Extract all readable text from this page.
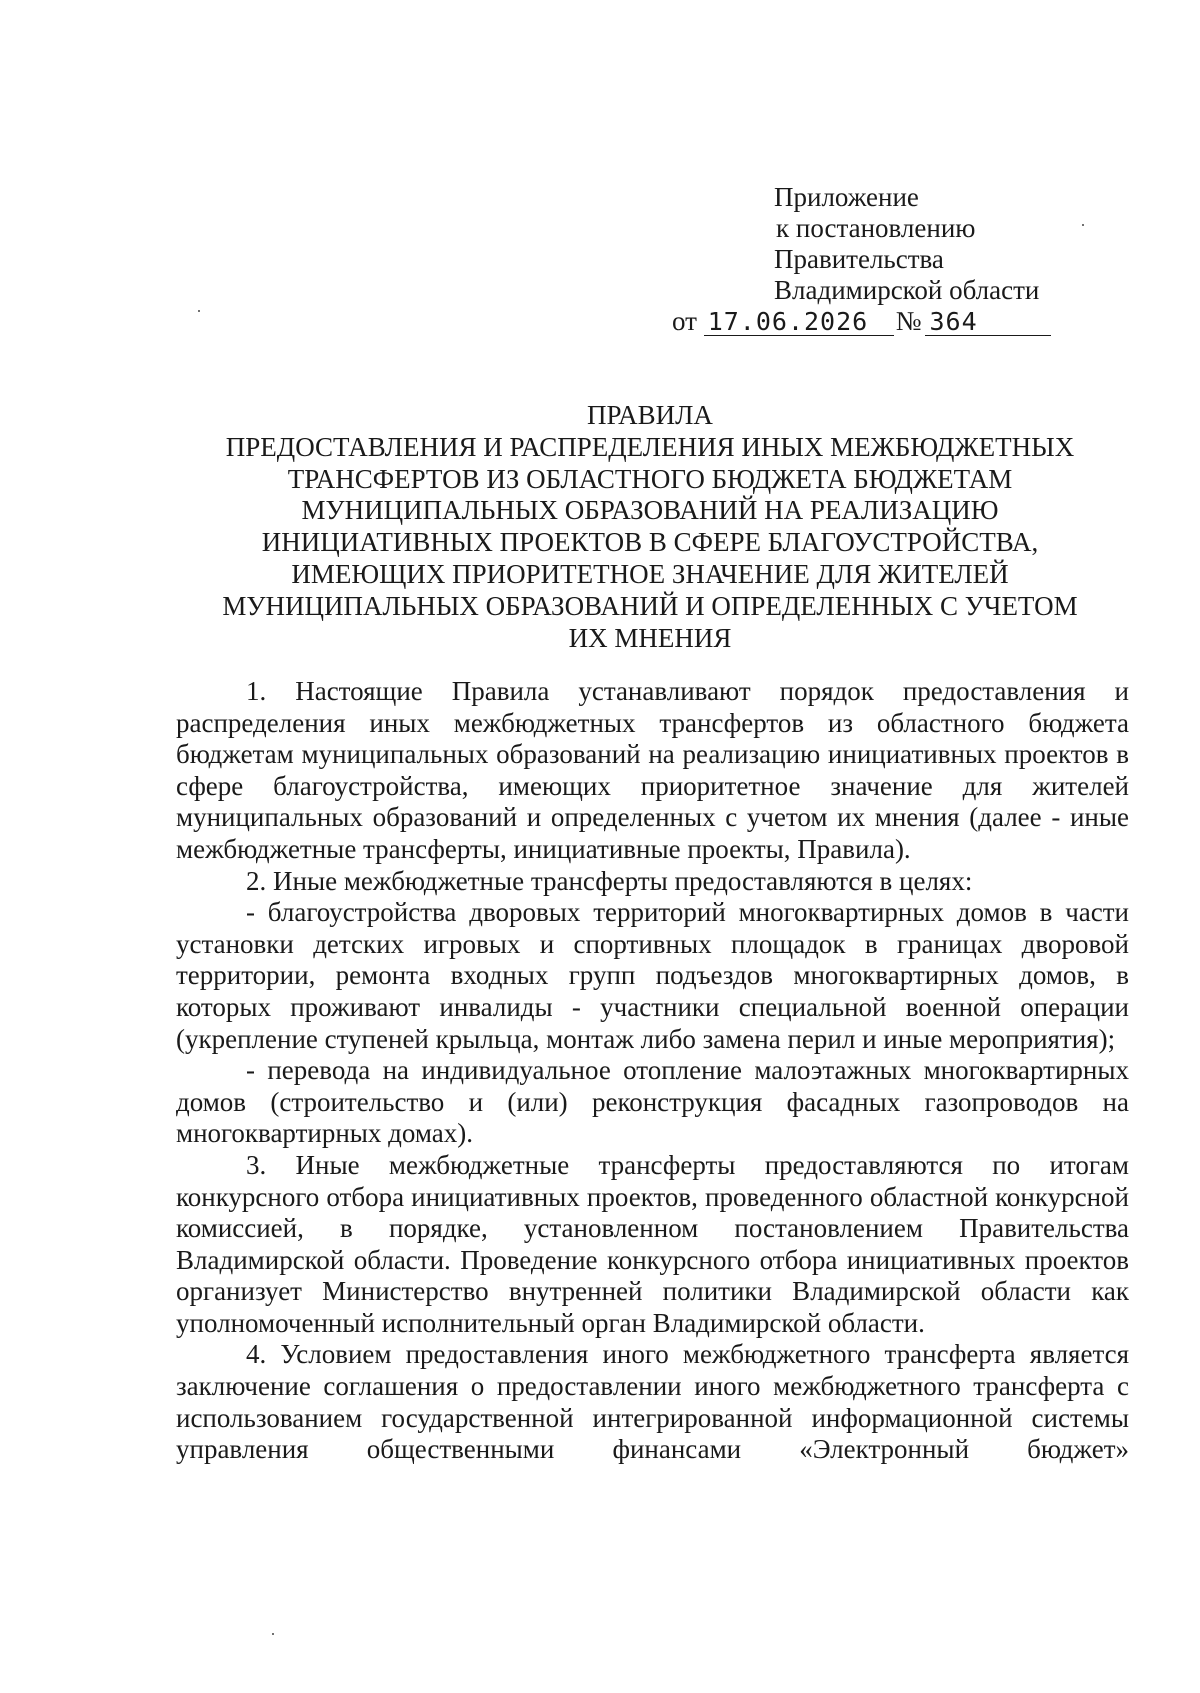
Приложение
к постановлению
Правительства
Владимирской области
от 17.06.2026 № 364
ПРАВИЛА
ПРЕДОСТАВЛЕНИЯ И РАСПРЕДЕЛЕНИЯ ИНЫХ МЕЖБЮДЖЕТНЫХ
ТРАНСФЕРТОВ ИЗ ОБЛАСТНОГО БЮДЖЕТА БЮДЖЕТАМ
МУНИЦИПАЛЬНЫХ ОБРАЗОВАНИЙ НА РЕАЛИЗАЦИЮ
ИНИЦИАТИВНЫХ ПРОЕКТОВ В СФЕРЕ БЛАГОУСТРОЙСТВА,
ИМЕЮЩИХ ПРИОРИТЕТНОЕ ЗНАЧЕНИЕ ДЛЯ ЖИТЕЛЕЙ
МУНИЦИПАЛЬНЫХ ОБРАЗОВАНИЙ И ОПРЕДЕЛЕННЫХ С УЧЕТОМ
ИХ МНЕНИЯ

1. Настоящие Правила устанавливают порядок предоставления и распределения иных межбюджетных трансфертов из областного бюджета бюджетам муниципальных образований на реализацию инициативных проектов в сфере благоустройства, имеющих приоритетное значение для жителей муниципальных образований и определенных с учетом их мнения (далее - иные межбюджетные трансферты, инициативные проекты, Правила).

2. Иные межбюджетные трансферты предоставляются в целях:

- благоустройства дворовых территорий многоквартирных домов в части установки детских игровых и спортивных площадок в границах дворовой территории, ремонта входных групп подъездов многоквартирных домов, в которых проживают инвалиды - участники специальной военной операции (укрепление ступеней крыльца, монтаж либо замена перил и иные мероприятия);

- перевода на индивидуальное отопление малоэтажных многоквартирных домов (строительство и (или) реконструкция фасадных газопроводов на многоквартирных домах).

3. Иные межбюджетные трансферты предоставляются по итогам конкурсного отбора инициативных проектов, проведенного областной конкурсной комиссией, в порядке, установленном постановлением Правительства Владимирской области. Проведение конкурсного отбора инициативных проектов организует Министерство внутренней политики Владимирской области как уполномоченный исполнительный орган Владимирской области.

4. Условием предоставления иного межбюджетного трансферта является заключение соглашения о предоставлении иного межбюджетного трансферта с использованием государственной интегрированной информационной системы управления общественными финансами «Электронный бюджет»
